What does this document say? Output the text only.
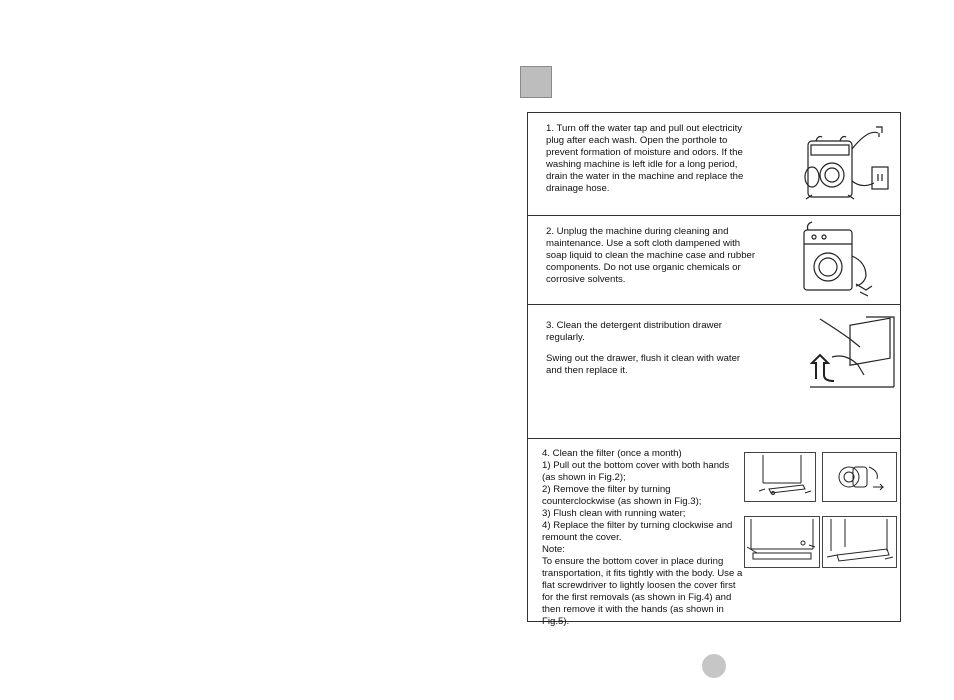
1. Turn off the water tap and pull out electricity plug after each wash. Open the porthole to prevent formation of moisture and odors. If the washing machine is left idle for a long period, drain the water in the machine and replace the drainage hose.
2. Unplug the machine during cleaning and maintenance. Use a soft cloth dampened with soap liquid to clean the machine case and rubber components. Do not use organic chemicals or corrosive solvents.
3. Clean the detergent distribution drawer regularly.
Swing out the drawer, flush it clean with water and then replace it.
4. Clean the filter (once a month)
1) Pull out the bottom cover with both hands (as shown in Fig.2);
2) Remove the filter by turning counterclockwise (as shown in Fig.3);
3) Flush clean with running water;
4) Replace the filter by turning clockwise and remount the cover.
Note:
To ensure the bottom cover in place during transportation, it fits tightly with the body. Use a flat screwdriver to lightly loosen the cover first for the first removals (as shown in Fig.4) and then remove it with the hands (as shown in Fig.5).
